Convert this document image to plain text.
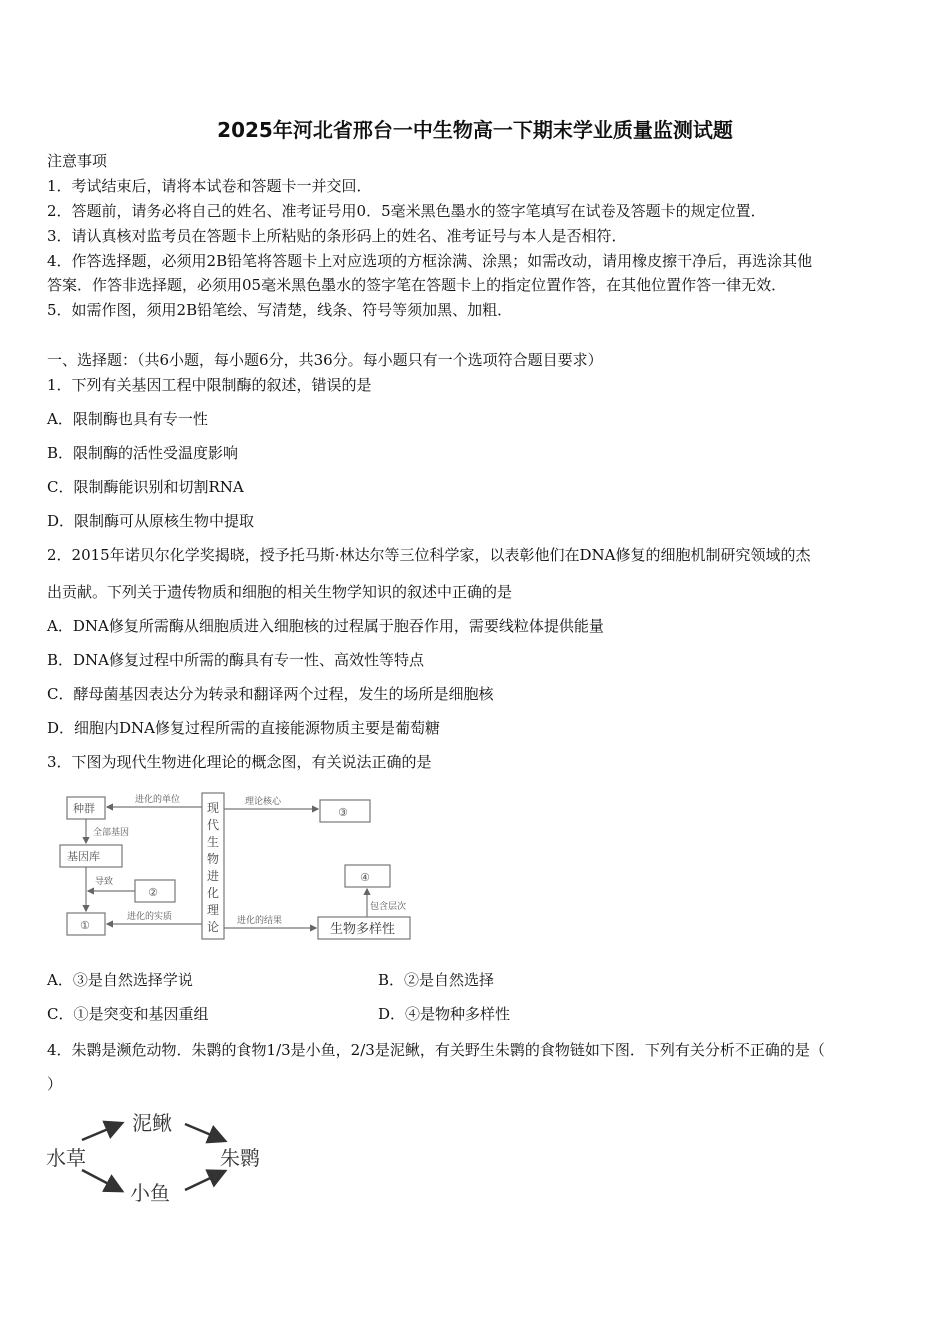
2025年河北省邢台一中生物高一下期末学业质量监测试题
注意事项
1．考试结束后，请将本试卷和答题卡一并交回．
2．答题前，请务必将自己的姓名、准考证号用0．5毫米黑色墨水的签字笔填写在试卷及答题卡的规定位置．
3．请认真核对监考员在答题卡上所粘贴的条形码上的姓名、准考证号与本人是否相符．
4．作答选择题，必须用2B铅笔将答题卡上对应选项的方框涂满、涂黑；如需改动，请用橡皮擦干净后，再选涂其他
答案．作答非选择题，必须用05毫米黑色墨水的签字笔在答题卡上的指定位置作答，在其他位置作答一律无效．
5．如需作图，须用2B铅笔绘、写清楚，线条、符号等须加黑、加粗．
一、选择题：（共6小题，每小题6分，共36分。每小题只有一个选项符合题目要求）
1．下列有关基因工程中限制酶的叙述，错误的是
A．限制酶也具有专一性
B．限制酶的活性受温度影响
C．限制酶能识别和切割RNA
D．限制酶可从原核生物中提取
2．2015年诺贝尔化学奖揭晓，授予托马斯·林达尔等三位科学家，以表彰他们在DNA修复的细胞机制研究领域的杰
出贡献。下列关于遗传物质和细胞的相关生物学知识的叙述中正确的是
A．DNA修复所需酶从细胞质进入细胞核的过程属于胞吞作用，需要线粒体提供能量
B．DNA修复过程中所需的酶具有专一性、高效性等特点
C．酵母菌基因表达分为转录和翻译两个过程，发生的场所是细胞核
D．细胞内DNA修复过程所需的直接能源物质主要是葡萄糖
3．下图为现代生物进化理论的概念图，有关说法正确的是
种群
基因库
②
①
③
④
生物多样性
进化的单位
全部基因
导致
进化的实质
理论核心
进化的结果
包含层次
现
代
生
物
进
化
理
论
A．③是自然选择学说	B．②是自然选择
C．①是突变和基因重组	D．④是物种多样性
4．朱鹮是濒危动物．朱鹮的食物1/3是小鱼，2/3是泥鳅，有关野生朱鹮的食物链如下图．下列有关分析不正确的是（
）
水草
泥鳅
小鱼
朱鹮
